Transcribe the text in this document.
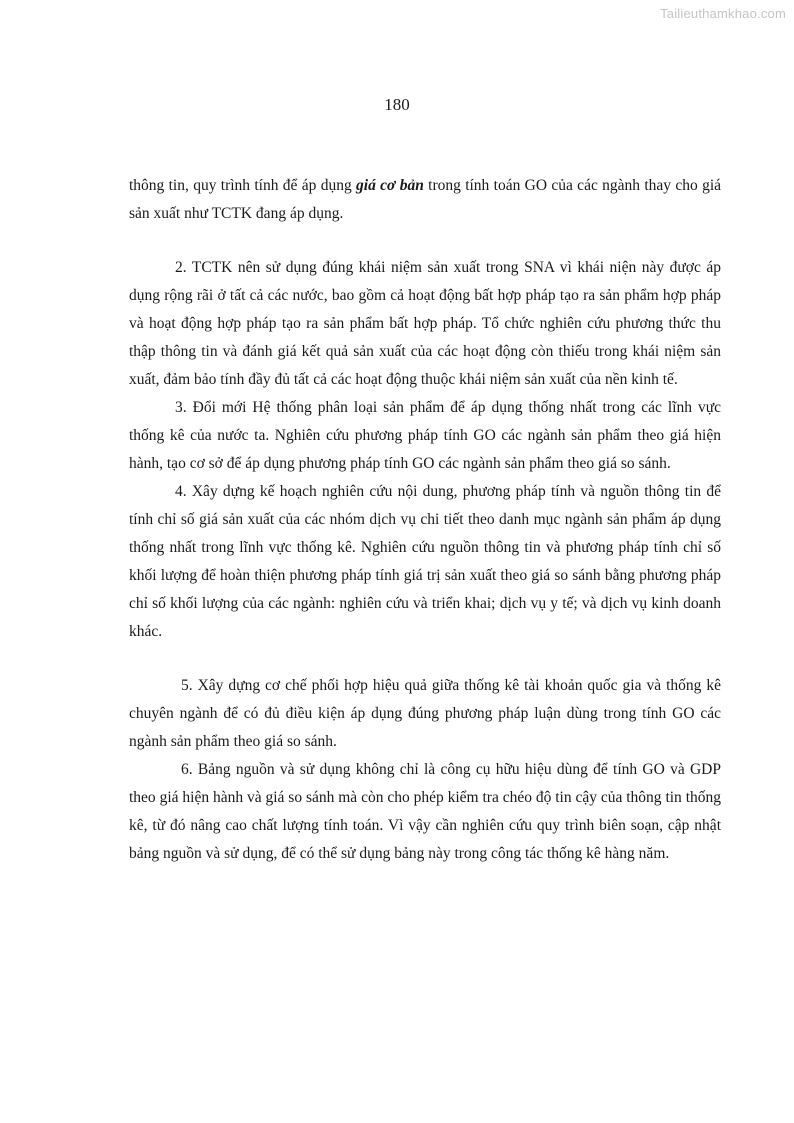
Tailieuthamkhao.com
180

thông tin, quy trình tính để áp dụng giá cơ bản trong tính toán GO của các ngành thay cho giá sản xuất như TCTK đang áp dụng.

2. TCTK nên sử dụng đúng khái niệm sản xuất trong SNA vì khái niện này được áp dụng rộng rãi ở tất cả các nước, bao gồm cả hoạt động bất hợp pháp tạo ra sản phẩm hợp pháp và hoạt động hợp pháp tạo ra sản phẩm bất hợp pháp. Tổ chức nghiên cứu phương thức thu thập thông tin và đánh giá kết quả sản xuất của các hoạt động còn thiếu trong khái niệm sản xuất, đảm bảo tính đầy đủ tất cả các hoạt động thuộc khái niệm sản xuất của nền kinh tế.

3. Đổi mới Hệ thống phân loại sản phẩm để áp dụng thống nhất trong các lĩnh vực thống kê của nước ta. Nghiên cứu phương pháp tính GO các ngành sản phẩm theo giá hiện hành, tạo cơ sở để áp dụng phương pháp tính GO các ngành sản phẩm theo giá so sánh.

4. Xây dựng kế hoạch nghiên cứu nội dung, phương pháp tính và nguồn thông tin để tính chỉ số giá sản xuất của các nhóm dịch vụ chi tiết theo danh mục ngành sản phẩm áp dụng thống nhất trong lĩnh vực thống kê. Nghiên cứu nguồn thông tin và phương pháp tính chỉ số khối lượng để hoàn thiện phương pháp tính giá trị sản xuất theo giá so sánh bằng phương pháp chỉ số khối lượng của các ngành: nghiên cứu và triển khai; dịch vụ y tế; và dịch vụ kinh doanh khác.

5. Xây dựng cơ chế phối hợp hiệu quả giữa thống kê tài khoản quốc gia và thống kê chuyên ngành để có đủ điều kiện áp dụng đúng phương pháp luận dùng trong tính GO các ngành sản phẩm theo giá so sánh.

6. Bảng nguồn và sử dụng không chỉ là công cụ hữu hiệu dùng để tính GO và GDP theo giá hiện hành và giá so sánh mà còn cho phép kiểm tra chéo độ tin cậy của thông tin thống kê, từ đó nâng cao chất lượng tính toán. Vì vậy cần nghiên cứu quy trình biên soạn, cập nhật bảng nguồn và sử dụng, để có thể sử dụng bảng này trong công tác thống kê hàng năm.
